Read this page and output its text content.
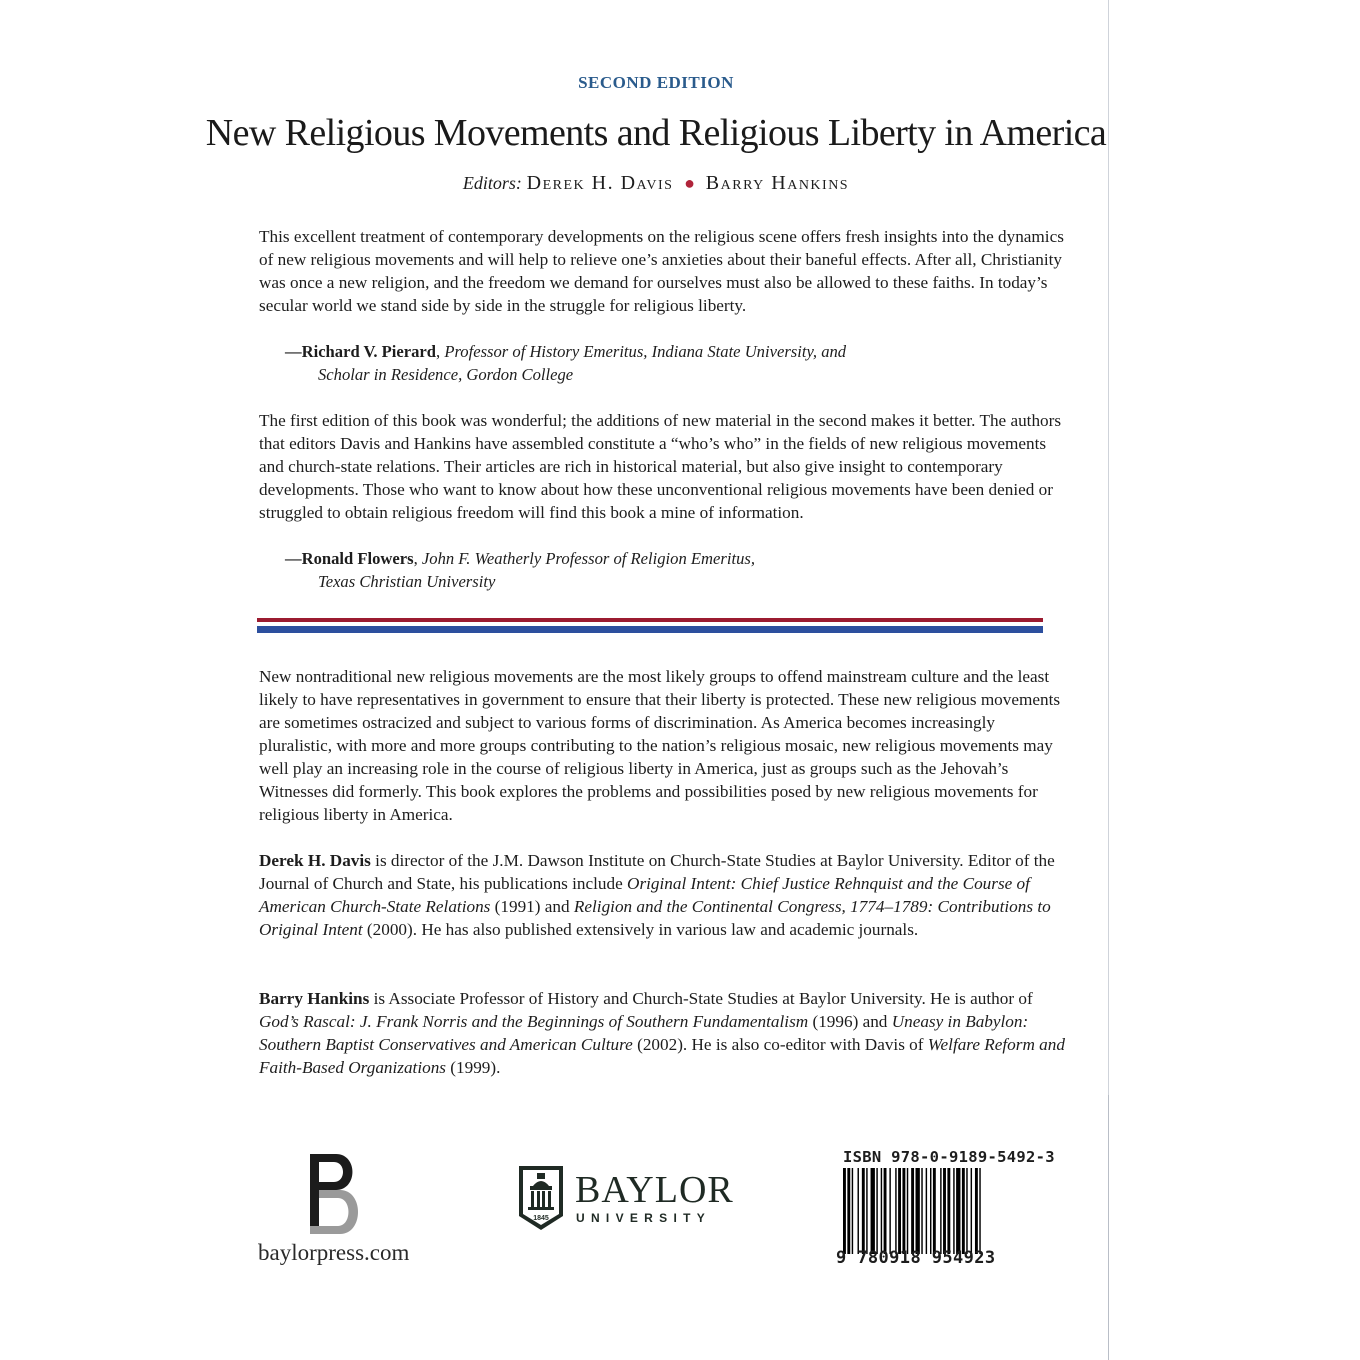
SECOND EDITION
New Religious Movements and Religious Liberty in America
Editors: Derek H. Davis ● Barry Hankins

This excellent treatment of contemporary developments on the religious scene offers fresh insights into the dynamics of new religious movements and will help to relieve one’s anxieties about their baneful effects. After all, Christianity was once a new religion, and the freedom we demand for ourselves must also be allowed to these faiths. In today’s secular world we stand side by side in the struggle for religious liberty.

—Richard V. Pierard, Professor of History Emeritus, Indiana State University, and
Scholar in Residence, Gordon College

The first edition of this book was wonderful; the additions of new material in the second makes it better. The authors that editors Davis and Hankins have assembled constitute a “who’s who” in the fields of new religious movements and church-state relations. Their articles are rich in historical material, but also give insight to contemporary developments. Those who want to know about how these unconventional religious movements have been denied or struggled to obtain religious freedom will find this book a mine of information.

—Ronald Flowers, John F. Weatherly Professor of Religion Emeritus,
Texas Christian University

New nontraditional new religious movements are the most likely groups to offend mainstream culture and the least likely to have representatives in government to ensure that their liberty is protected. These new religious movements are sometimes ostracized and subject to various forms of discrimination. As America becomes increasingly pluralistic, with more and more groups contributing to the nation’s religious mosaic, new religious movements may well play an increasing role in the course of religious liberty in America, just as groups such as the Jehovah’s Witnesses did formerly. This book explores the problems and possibilities posed by new religious movements for religious liberty in America.

Derek H. Davis is director of the J.M. Dawson Institute on Church-State Studies at Baylor University. Editor of the Journal of Church and State, his publications include Original Intent: Chief Justice Rehnquist and the Course of American Church-State Relations (1991) and Religion and the Continental Congress, 1774–1789: Contributions to Original Intent (2000). He has also published extensively in various law and academic journals.

Barry Hankins is Associate Professor of History and Church-State Studies at Baylor University. He is author of God’s Rascal: J. Frank Norris and the Beginnings of Southern Fundamentalism (1996) and Uneasy in Babylon: Southern Baptist Conservatives and American Culture (2002). He is also co-editor with Davis of Welfare Reform and Faith-Based Organizations (1999).

baylorpress.com
1845
BAYLOR
UNIVERSITY
ISBN 978-0-9189-5492-3
9 780918 954923
